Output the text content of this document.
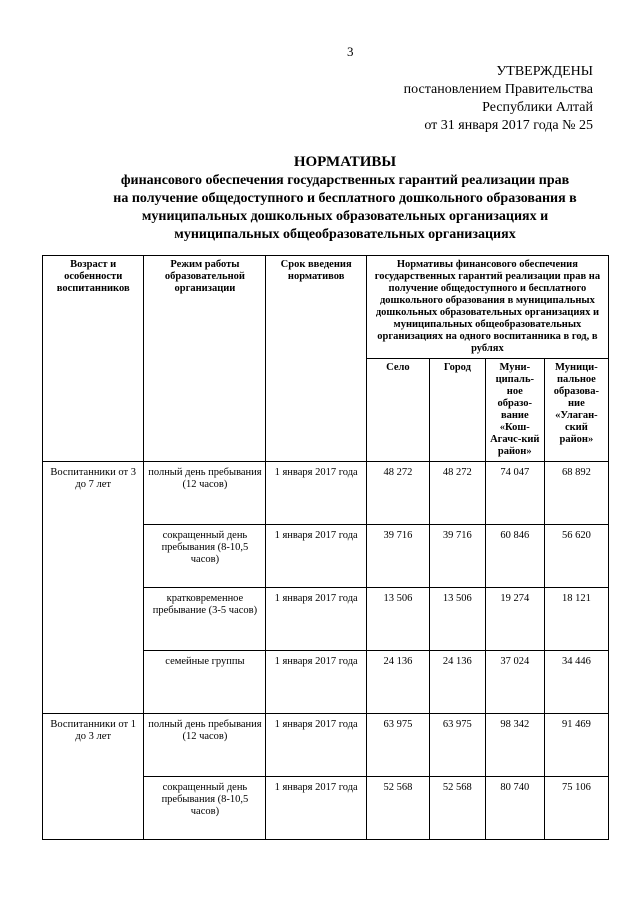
3
УТВЕРЖДЕНЫ
постановлением Правительства
Республики Алтай
от 31 января 2017 года № 25
НОРМАТИВЫ
финансового обеспечения государственных гарантий реализации прав
на получение общедоступного и бесплатного дошкольного образования в
муниципальных дошкольных образовательных организациях и
муниципальных общеобразовательных организациях
Возраст и особенности воспитанников	Режим работы образовательной организации	Срок введения нормативов	Нормативы финансового обеспечения государственных гарантий реализации прав на получение общедоступного и бесплатного дошкольного образования в муниципальных дошкольных образовательных организациях и муниципальных общеобразовательных организациях на одного воспитанника в год, в рублях			
			Село	Город	Муни-ципаль-ное образо-вание «Кош-Агачс-кий район»	Муници-пальное образова-ние «Улаган-ский район»
Воспитанники от 3 до 7 лет	полный день пребывания (12 часов)	1 января 2017 года	48 272	48 272	74 047	68 892
	сокращенный день пребывания (8-10,5 часов)	1 января 2017 года	39 716	39 716	60 846	56 620
	кратковременное пребывание (3-5 часов)	1 января 2017 года	13 506	13 506	19 274	18 121
	семейные группы	1 января 2017 года	24 136	24 136	37 024	34 446
Воспитанники от 1 до 3 лет	полный день пребывания (12 часов)	1 января 2017 года	63 975	63 975	98 342	91 469
	сокращенный день пребывания (8-10,5 часов)	1 января 2017 года	52 568	52 568	80 740	75 106
